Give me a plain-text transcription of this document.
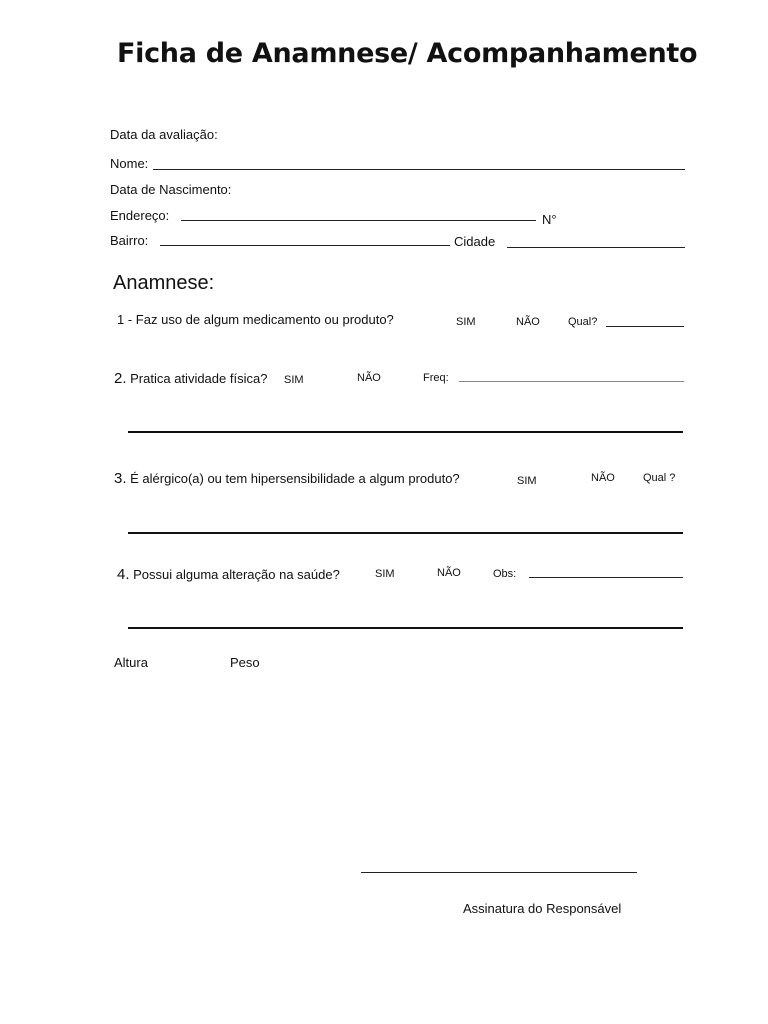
Ficha de Anamnese/ Acompanhamento
Data da avaliação:
Nome:
Data de Nascimento:
Endereço:	N°
Bairro:	Cidade
Anamnese:
1 - Faz uso de algum medicamento ou produto?	SIM	NÃO	Qual?
2. Pratica atividade física? SIM	NÃO	Freq:
3. É alérgico(a) ou tem hipersensibilidade a algum produto?	SIM	NÃO	Qual ?
4. Possui alguma alteração na saúde?	SIM	NÃO	Obs:
Altura	Peso
Assinatura do Responsável
